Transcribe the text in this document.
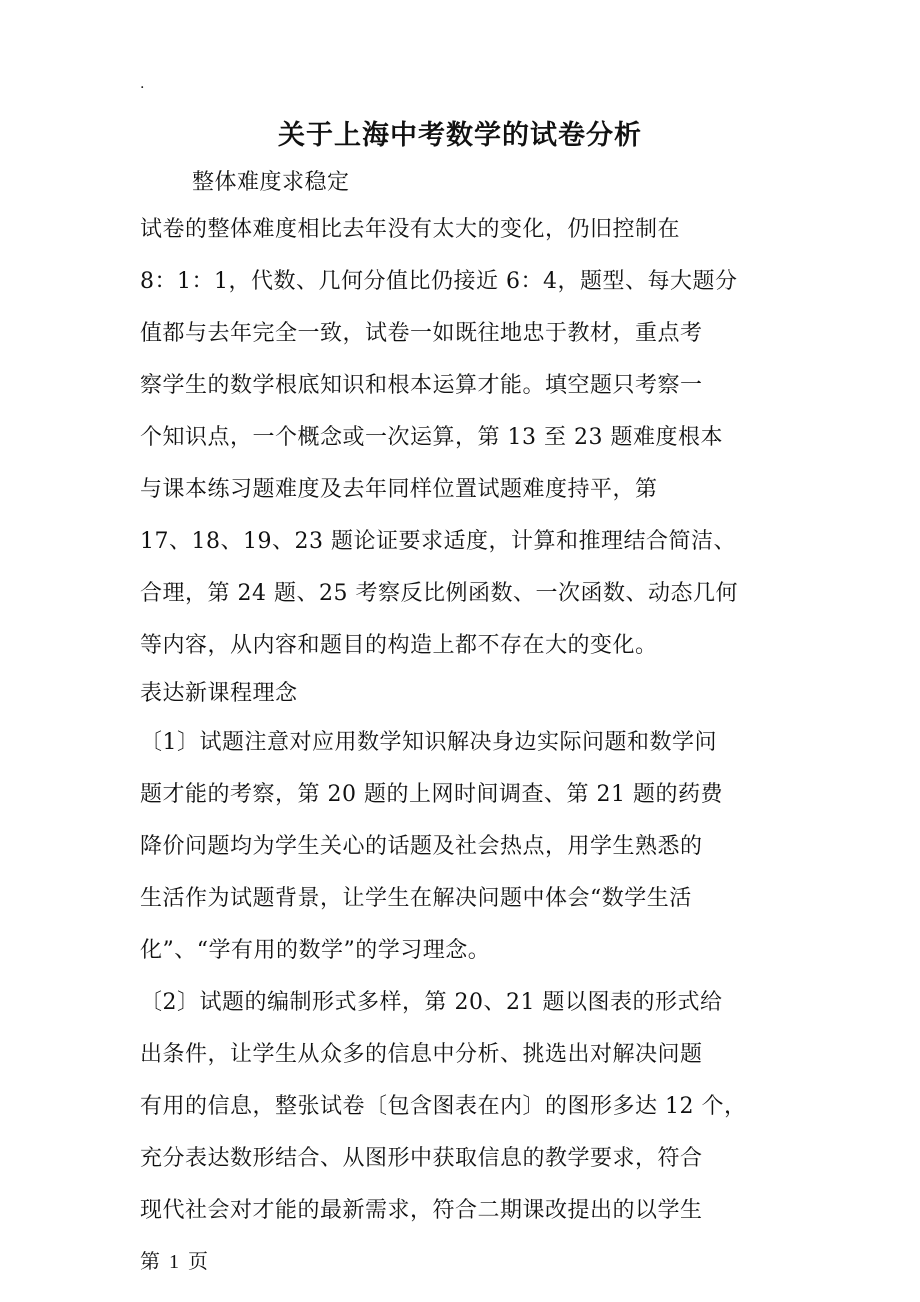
.
关于上海中考数学的试卷分析
整体难度求稳定
试卷的整体难度相比去年没有太大的变化，仍旧控制在
8：1：1，代数、几何分值比仍接近 6：4，题型、每大题分
值都与去年完全一致，试卷一如既往地忠于教材，重点考
察学生的数学根底知识和根本运算才能。填空题只考察一
个知识点，一个概念或一次运算，第 13 至 23 题难度根本
与课本练习题难度及去年同样位置试题难度持平，第
17、18、19、23 题论证要求适度，计算和推理结合简洁、
合理，第 24 题、25 考察反比例函数、一次函数、动态几何
等内容，从内容和题目的构造上都不存在大的变化。
表达新课程理念
〔1〕试题注意对应用数学知识解决身边实际问题和数学问
题才能的考察，第 20 题的上网时间调查、第 21 题的药费
降价问题均为学生关心的话题及社会热点，用学生熟悉的
生活作为试题背景，让学生在解决问题中体会“数学生活
化”、“学有用的数学”的学习理念。
〔2〕试题的编制形式多样，第 20、21 题以图表的形式给
出条件，让学生从众多的信息中分析、挑选出对解决问题
有用的信息，整张试卷〔包含图表在内〕的图形多达 12 个，
充分表达数形结合、从图形中获取信息的教学要求，符合
现代社会对才能的最新需求，符合二期课改提出的以学生
第 1 页
